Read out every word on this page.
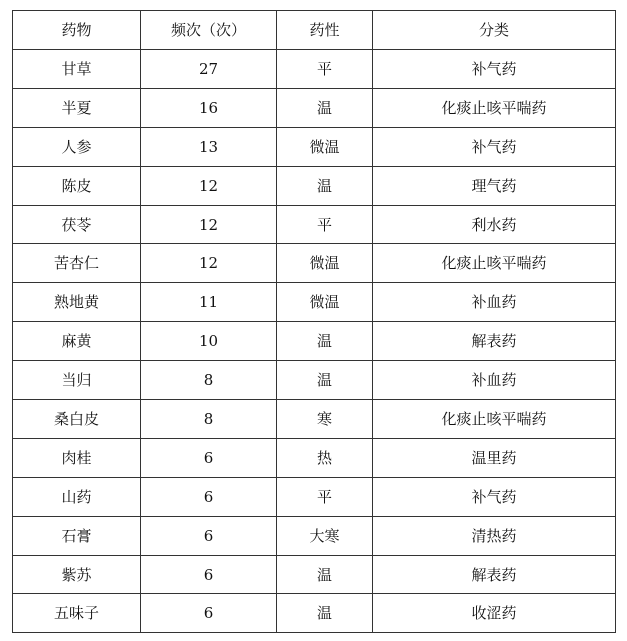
药物	频次（次）	药性	分类
甘草	27	平	补气药
半夏	16	温	化痰止咳平喘药
人参	13	微温	补气药
陈皮	12	温	理气药
茯苓	12	平	利水药
苦杏仁	12	微温	化痰止咳平喘药
熟地黄	11	微温	补血药
麻黄	10	温	解表药
当归	8	温	补血药
桑白皮	8	寒	化痰止咳平喘药
肉桂	6	热	温里药
山药	6	平	补气药
石膏	6	大寒	清热药
紫苏	6	温	解表药
五味子	6	温	收涩药
